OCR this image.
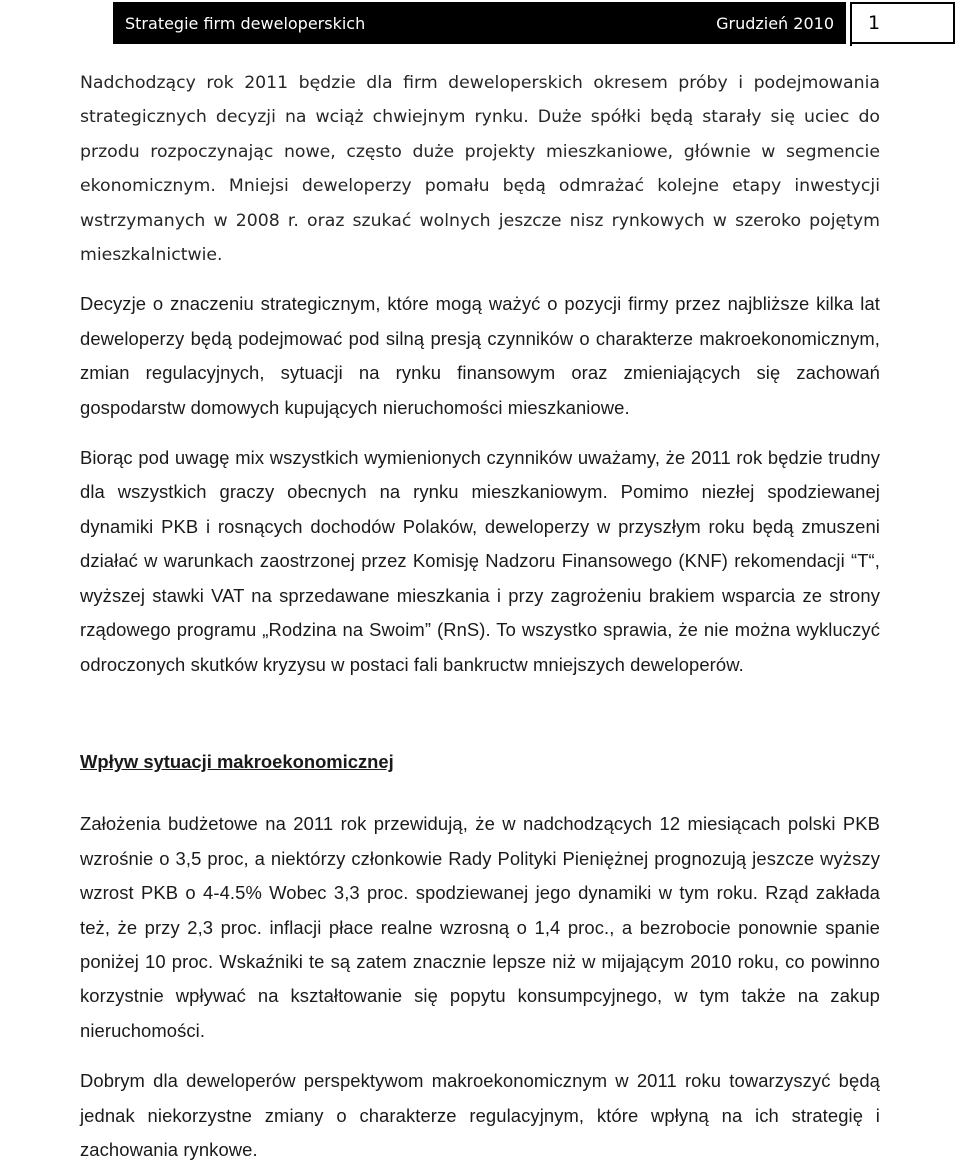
Strategie firm deweloperskich	Grudzień 2010 1

Nadchodzący rok 2011 będzie dla firm deweloperskich okresem próby i podejmowania strategicznych decyzji na wciąż chwiejnym rynku. Duże spółki będą starały się uciec do przodu rozpoczynając nowe, często duże projekty mieszkaniowe, głównie w segmencie ekonomicznym. Mniejsi deweloperzy pomału będą odmrażać kolejne etapy inwestycji wstrzymanych w 2008 r. oraz szukać wolnych jeszcze nisz rynkowych w szeroko pojętym mieszkalnictwie.

Decyzje o znaczeniu strategicznym, które mogą ważyć o pozycji firmy przez najbliższe kilka lat deweloperzy będą podejmować pod silną presją czynników o charakterze makroekonomicznym, zmian regulacyjnych, sytuacji na rynku finansowym oraz zmieniających się zachowań gospodarstw domowych kupujących nieruchomości mieszkaniowe.

Biorąc pod uwagę mix wszystkich wymienionych czynników uważamy, że 2011 rok będzie trudny dla wszystkich graczy obecnych na rynku mieszkaniowym. Pomimo niezłej spodziewanej dynamiki PKB i rosnących dochodów Polaków, deweloperzy w przyszłym roku będą zmuszeni działać w warunkach zaostrzonej przez Komisję Nadzoru Finansowego (KNF) rekomendacji “T“, wyższej stawki VAT na sprzedawane mieszkania i przy zagrożeniu brakiem wsparcia ze strony rządowego programu „Rodzina na Swoim” (RnS). To wszystko sprawia, że nie można wykluczyć odroczonych skutków kryzysu w postaci fali bankructw mniejszych deweloperów.

Wpływ sytuacji makroekonomicznej

Założenia budżetowe na 2011 rok przewidują, że w nadchodzących 12 miesiącach polski PKB wzrośnie o 3,5 proc, a niektórzy członkowie Rady Polityki Pieniężnej prognozują jeszcze wyższy wzrost PKB o 4-4.5% Wobec 3,3 proc. spodziewanej jego dynamiki w tym roku. Rząd zakłada też, że przy 2,3 proc. inflacji płace realne wzrosną o 1,4 proc., a bezrobocie ponownie spanie poniżej 10 proc. Wskaźniki te są zatem znacznie lepsze niż w mijającym 2010 roku, co powinno korzystnie wpływać na kształtowanie się popytu konsumpcyjnego, w tym także na zakup nieruchomości.

Dobrym dla deweloperów perspektywom makroekonomicznym w 2011 roku towarzyszyć będą jednak niekorzystne zmiany o charakterze regulacyjnym, które wpłyną na ich strategię i zachowania rynkowe.
